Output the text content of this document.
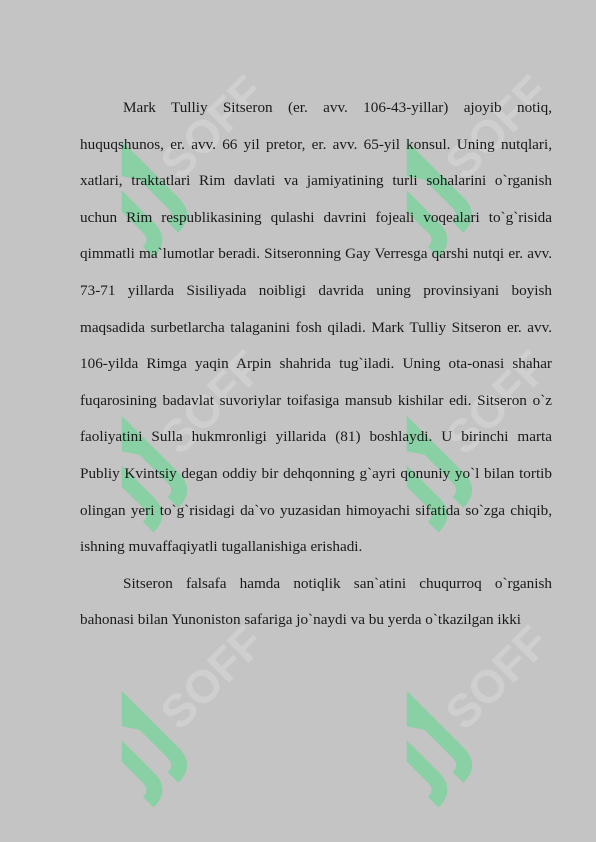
SOFF	SOFF
SOFF	SOFF
SOFF	SOFF

Mark Tulliy Sitseron (er. avv. 106-43-yillar) ajoyib notiq, huquqshunos, er. avv. 66 yil pretor, er. avv. 65-yil konsul. Uning nutqlari, xatlari, traktatlari Rim davlati va jamiyatining turli sohalarini o`rganish uchun Rim respublikasining qulashi davrini fojeali voqealari to`g`risida qimmatli ma`lumotlar beradi. Sitseronning Gay Verresga qarshi nutqi er. avv. 73-71 yillarda Sisiliyada noibligi davrida uning provinsiyani boyish maqsadida surbetlarcha talaganini fosh qiladi. Mark Tulliy Sitseron er. avv. 106-yilda Rimga yaqin Arpin shahrida tug`iladi. Uning ota-onasi shahar fuqarosining badavlat suvoriylar toifasiga mansub kishilar edi. Sitseron o`z faoliyatini Sulla hukmronligi yillarida (81) boshlaydi. U birinchi marta Publiy Kvintsiy degan oddiy bir dehqonning g`ayri qonuniy yo`l bilan tortib olingan yeri to`g`risidagi da`vo yuzasidan himoyachi sifatida so`zga chiqib, ishning muvaffaqiyatli tugallanishiga erishadi.

Sitseron falsafa hamda notiqlik san`atini chuqurroq o`rganish bahonasi bilan Yunoniston safariga jo`naydi va bu yerda o`tkazilgan ikki
